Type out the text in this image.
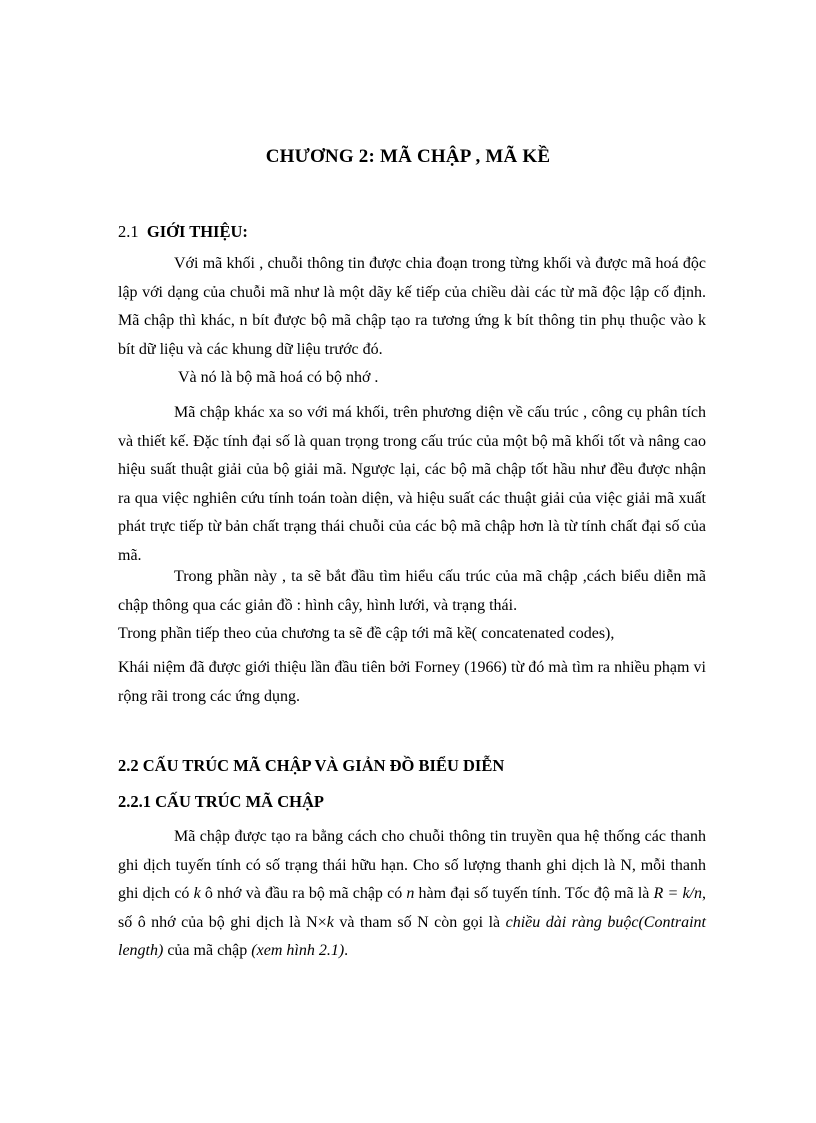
CHƯƠNG 2: MÃ CHẬP , MÃ KỀ
2.1 GIỚI THIỆU:

Với mã khối , chuỗi thông tin được chia đoạn trong từng khối và được mã hoá độc lập với dạng của chuỗi mã như là một dãy kế tiếp của chiều dài các từ mã độc lập cố định. Mã chập thì khác, n bít được bộ mã chập tạo ra tương ứng k bít thông tin phụ thuộc vào k bít dữ liệu và các khung dữ liệu trước đó.

Và nó là bộ mã hoá có bộ nhớ .

Mã chập khác xa so với má khối, trên phương diện về cấu trúc , công cụ phân tích và thiết kế. Đặc tính đại số là quan trọng trong cấu trúc của một bộ mã khối tốt và nâng cao hiệu suất thuật giải của bộ giải mã. Ngược lại, các bộ mã chập tốt hầu như đều được nhận ra qua việc nghiên cứu tính toán toàn diện, và hiệu suất các thuật giải của việc giải mã xuất phát trực tiếp từ bản chất trạng thái chuỗi của các bộ mã chập hơn là từ tính chất đại số của mã.

Trong phần này , ta sẽ bắt đầu tìm hiểu cấu trúc của mã chập ,cách biểu diễn mã chập thông qua các giản đồ : hình cây, hình lưới, và trạng thái.

Trong phần tiếp theo của chương ta sẽ đề cập tới mã kề( concatenated codes),

Khái niệm đã được giới thiệu lần đầu tiên bởi Forney (1966) từ đó mà tìm ra nhiều phạm vi rộng rãi trong các ứng dụng.

2.2 CẤU TRÚC MÃ CHẬP VÀ GIẢN ĐỒ BIỂU DIỄN
2.2.1 CẤU TRÚC MÃ CHẬP

Mã chập được tạo ra bằng cách cho chuỗi thông tin truyền qua hệ thống các thanh ghi dịch tuyến tính có số trạng thái hữu hạn. Cho số lượng thanh ghi dịch là N, mỗi thanh ghi dịch có k ô nhớ và đầu ra bộ mã chập có n hàm đại số tuyến tính. Tốc độ mã là R = k/n, số ô nhớ của bộ ghi dịch là N×k và tham số N còn gọi là chiều dài ràng buộc(Contraint length) của mã chập (xem hình 2.1).
